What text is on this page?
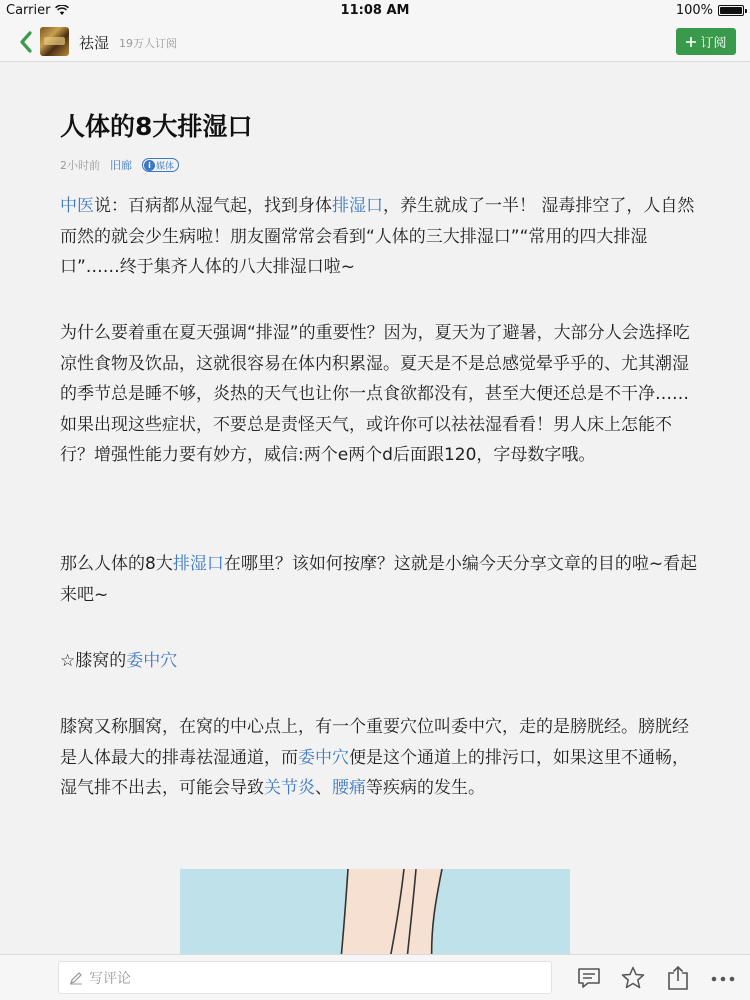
Carrier	11:08 AM	100%
祛湿 19万人订阅	订阅
人体的8大排湿口
2小时前 旧廊	i 媒体

中医说：百病都从湿气起，找到身体排湿口，养生就成了一半！ 湿毒排空了，人自然而然的就会少生病啦！朋友圈常常会看到“人体的三大排湿口”“常用的四大排湿口”……终于集齐人体的八大排湿口啦~

为什么要着重在夏天强调“排湿”的重要性？因为，夏天为了避暑，大部分人会选择吃凉性食物及饮品，这就很容易在体内积累湿。夏天是不是总感觉晕乎乎的、尤其潮湿的季节总是睡不够，炎热的天气也让你一点食欲都没有，甚至大便还总是不干净……如果出现这些症状，不要总是责怪天气，或许你可以祛祛湿看看！男人床上怎能不行？增强性能力要有妙方，威信:两个e两个d后面跟120，字母数字哦。

那么人体的8大排湿口在哪里？该如何按摩？这就是小编今天分享文章的目的啦~看起来吧~

☆膝窝的委中穴

膝窝又称腘窝，在窝的中心点上，有一个重要穴位叫委中穴，走的是膀胱经。膀胱经是人体最大的排毒祛湿通道，而委中穴便是这个通道上的排污口，如果这里不通畅，湿气排不出去，可能会导致关节炎、腰痛等疾病的发生。

写评论
